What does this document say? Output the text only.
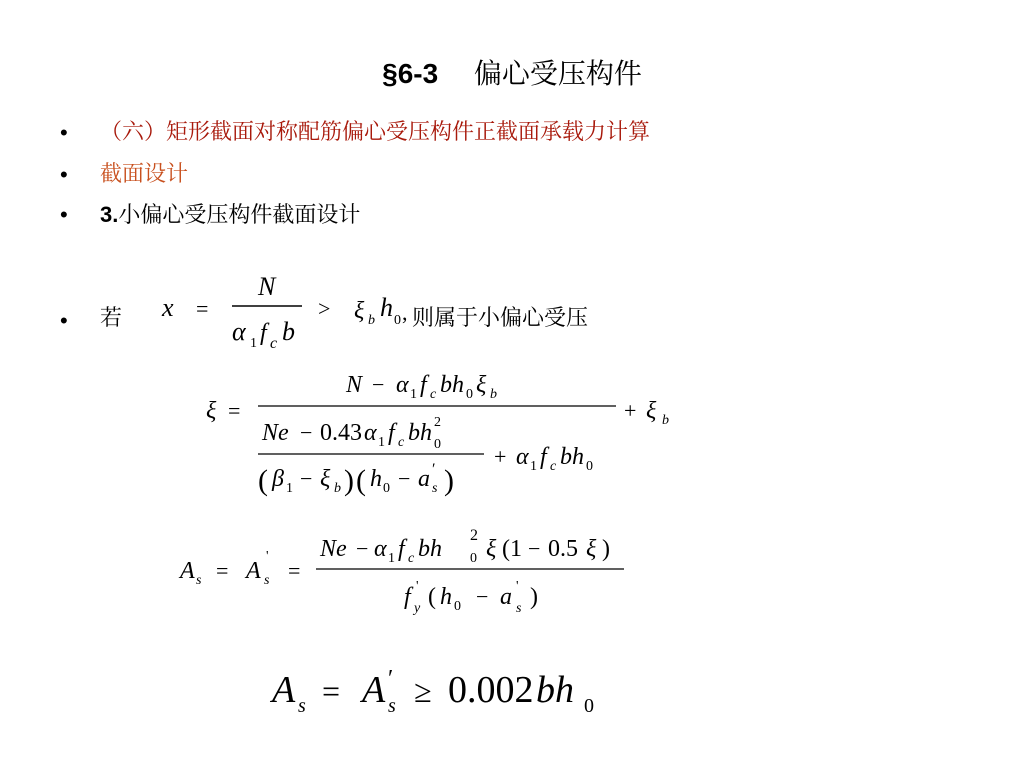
§6-3 偏心受压构件
• （六）矩形截面对称配筋偏心受压构件正截面承载力计算
• 截面设计
• 3.小偏心受压构件截面设计
• 若	则属于小偏心受压
x =
N
α 1 f c b
> ξ b h 0 ,
ξ =
N − α 1 f c bh 0 ξ b
+ ξ b
Ne − 0.43 α 1 f c bh 0
2
+ α 1 f c bh 0
( β 1 − ξ b ) ( h 0 − a ′
s )
A s = A
'
s =
Ne − α 1 f c bh
2
0 ξ (1 − 0.5 ξ )
f '
y ( h 0 − a '
s )
A s = A ′
s ≥ 0.002 bh 0
